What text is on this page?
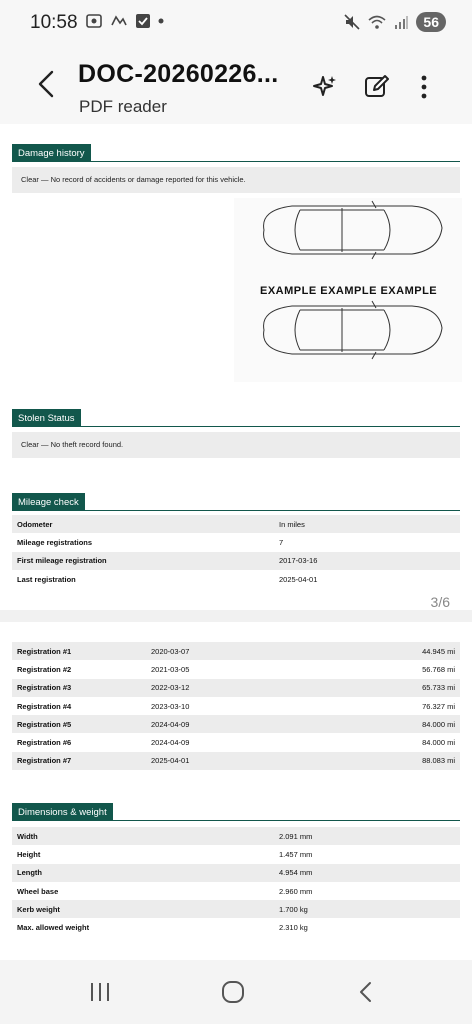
10:58	56
DOC-20260226...
PDF reader
Damage history
Clear — No record of accidents or damage reported for this vehicle.
EXAMPLE EXAMPLE EXAMPLE
Stolen Status
Clear — No theft record found.
Mileage check
Odometer	In miles
Mileage registrations	7
First mileage registration	2017-03-16
Last registration	2025-04-01
3/6
Registration #1	2020-03-07	44.945 mi
Registration #2	2021-03-05	56.768 mi
Registration #3	2022-03-12	65.733 mi
Registration #4	2023-03-10	76.327 mi
Registration #5	2024-04-09	84.000 mi
Registration #6	2024-04-09	84.000 mi
Registration #7	2025-04-01	88.083 mi
Dimensions & weight
Width	2.091 mm
Height	1.457 mm
Length	4.954 mm
Wheel base	2.960 mm
Kerb weight	1.700 kg
Max. allowed weight	2.310 kg
